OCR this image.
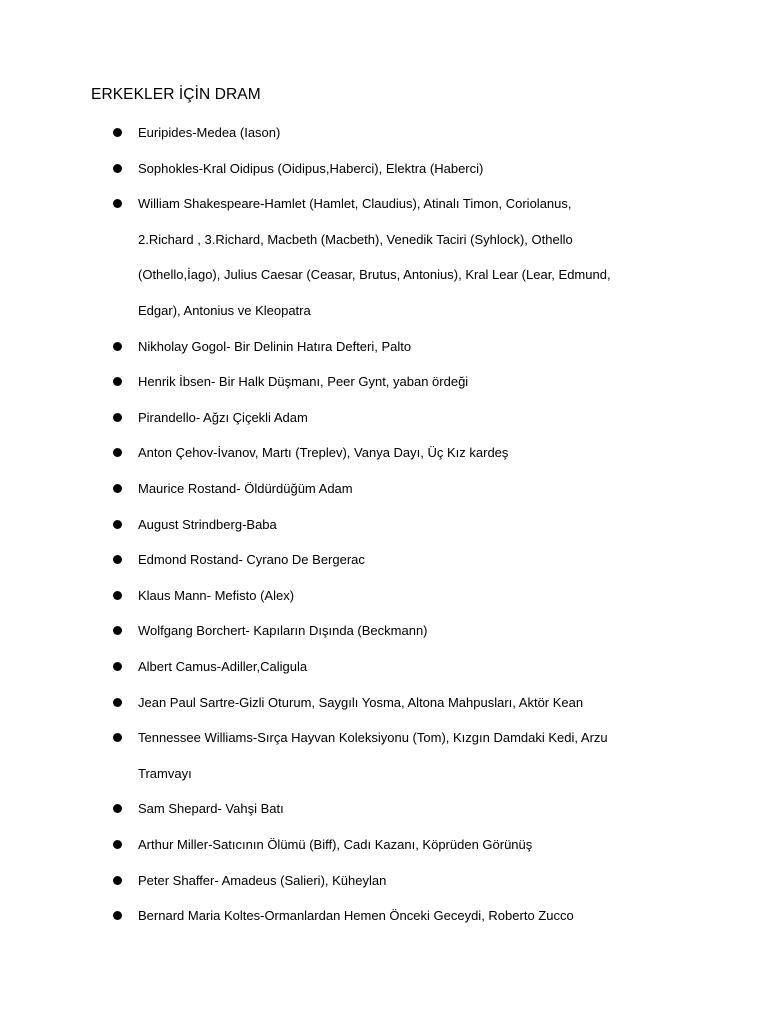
ERKEKLER İÇİN DRAM
Euripides-Medea (Iason)
Sophokles-Kral Oidipus (Oidipus,Haberci), Elektra (Haberci)
William Shakespeare-Hamlet (Hamlet, Claudius), Atinalı Timon, Coriolanus,
2.Richard , 3.Richard, Macbeth (Macbeth), Venedik Taciri (Syhlock), Othello
(Othello,İago), Julius Caesar (Ceasar, Brutus, Antonius), Kral Lear (Lear, Edmund,
Edgar), Antonius ve Kleopatra
Nikholay Gogol- Bir Delinin Hatıra Defteri, Palto
Henrik İbsen- Bir Halk Düşmanı, Peer Gynt, yaban ördeği
Pirandello- Ağzı Çiçekli Adam
Anton Çehov-İvanov, Martı (Treplev), Vanya Dayı, Üç Kız kardeş
Maurice Rostand- Öldürdüğüm Adam
August Strindberg-Baba
Edmond Rostand- Cyrano De Bergerac
Klaus Mann- Mefisto (Alex)
Wolfgang Borchert- Kapıların Dışında (Beckmann)
Albert Camus-Adiller,Caligula
Jean Paul Sartre-Gizli Oturum, Saygılı Yosma, Altona Mahpusları, Aktör Kean
Tennessee Williams-Sırça Hayvan Koleksiyonu (Tom), Kızgın Damdaki Kedi, Arzu
Tramvayı
Sam Shepard- Vahşi Batı
Arthur Miller-Satıcının Ölümü (Biff), Cadı Kazanı, Köprüden Görünüş
Peter Shaffer- Amadeus (Salieri), Küheylan
Bernard Maria Koltes-Ormanlardan Hemen Önceki Geceydi, Roberto Zucco
